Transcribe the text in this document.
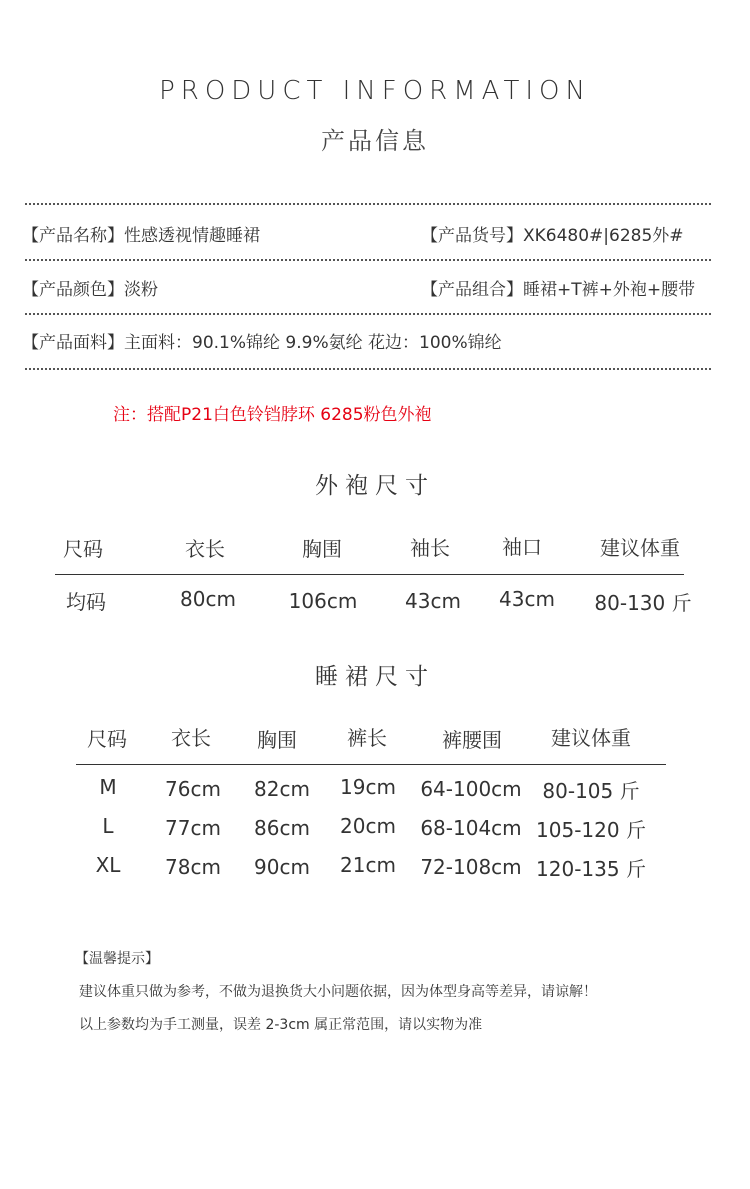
PRODUCT INFORMATION
产品信息
【产品名称】性感透视情趣睡裙	【产品货号】XK6480#|6285外#
【产品颜色】淡粉	【产品组合】睡裙+T裤+外袍+腰带
【产品面料】主面料：90.1%锦纶 9.9%氨纶 花边：100%锦纶
注：搭配P21白色铃铛脖环 6285粉色外袍
外袍尺寸
尺码	衣长	胸围	袖长	袖口	建议体重
均码	80cm	106cm 43cm 43cm 80-130 斤
睡裙尺寸
尺码 衣长 胸围	裤长	裤腰围 建议体重
M 76cm 82cm 19cm 64-100cm 80-105 斤
L	77cm 86cm 20cm 68-104cm 105-120 斤
XL 78cm 90cm 21cm 72-108cm 120-135 斤
【温馨提示】
建议体重只做为参考，不做为退换货大小问题依据，因为体型身高等差异，请谅解！
以上参数均为手工测量，误差 2-3cm 属正常范围，请以实物为准
